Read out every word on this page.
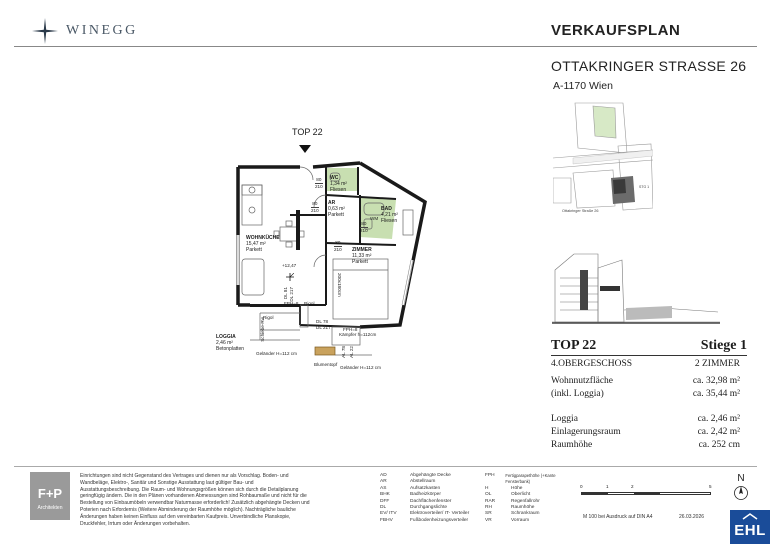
WINEGG	VERKAUFSPLAN
OTTAKRINGER STRASSE 26
A-1170 Wien
Ottakringer Straße 26
STG 1
TOP 22	Stiege 1
4.OBERGESCHOSS	2 ZIMMER
Wohnnutzfläche	ca. 32,98 m²
(inkl. Loggia)	ca. 35,44 m²
Loggia	ca. 2,46 m²
Einlagerungsraum	ca. 2,42 m²
Raumhöhe	ca. 252 cm
TOP 22
WC
1,34 m²
Fliesen
AR
0,63 m²
Parkett
BAD
4,21 m²
Fliesen
WOHNKÜCHE
15,47 m²
Parkett	ZIMMER
11,33 m²
Parkett
80
210
80
210
80
210
80
210
+12,47
DL 81 DL 217
FPH=8
Rigol
Rigol
DL 78
DL 217	FPH=8
Kämpfer h=112cm
200x180cm
Schiebe-Rw
AL 78 AL 22
WM
LOGGIA
2,46 m²
Betonplatten
Geländer H=112 cm
Blumentopf
Geländer H=112 cm
F+P
Architekten
Einrichtungen sind nicht Gegenstand des Vertrages und dienen nur als Vorschlag. Boden- und Wandbeläge, Elektro-, Sanitär und Sonstige Ausstattung laut gültiger Bau- und Ausstattungsbeschreibung. Die Raum- und Wohnungsgrößen können sich durch die Detailplanung geringfügig ändern. Die in den Plänen vorhandenen Abmessungen sind Rohbaumaße und nicht für die Bestellung von Einbaumöbeln verwendbar Naturmasse erforderlich! Zusätzlich abgehängte Decken und Poterien nach Erfordernis (Weitere Abminderung der Raumhöhe möglich). Nachträgliche bauliche Änderungen haben keinen Einfluss auf den vereinbarten Kaufpreis. Unverbindliche Planskopie, Druckfehler, Irrtum oder Änderungen vorbehalten.
AD	Abgehängte Decke
AR	Abstellraum
AS	Aufsatzkasten
BHK	Badheizkörper
DFF	Dachflächenfenster
DL	Durchgangslichte
EV/ ITV	Elektroverteiler/ IT- Verteiler
FBHV	Fußbodenheizungsverteiler
FPH	Fertigparapethöhe (+Kante Fensterbank)
H	Höhe
OL	Oberlicht
RAR	Regenfallrohr
RH	Raumhöhe
SR	Schrankraum
VR	Vorraum
0	1	2	5
N
M 100 bei Ausdruck auf DIN A4	26.03.2026
EHL
